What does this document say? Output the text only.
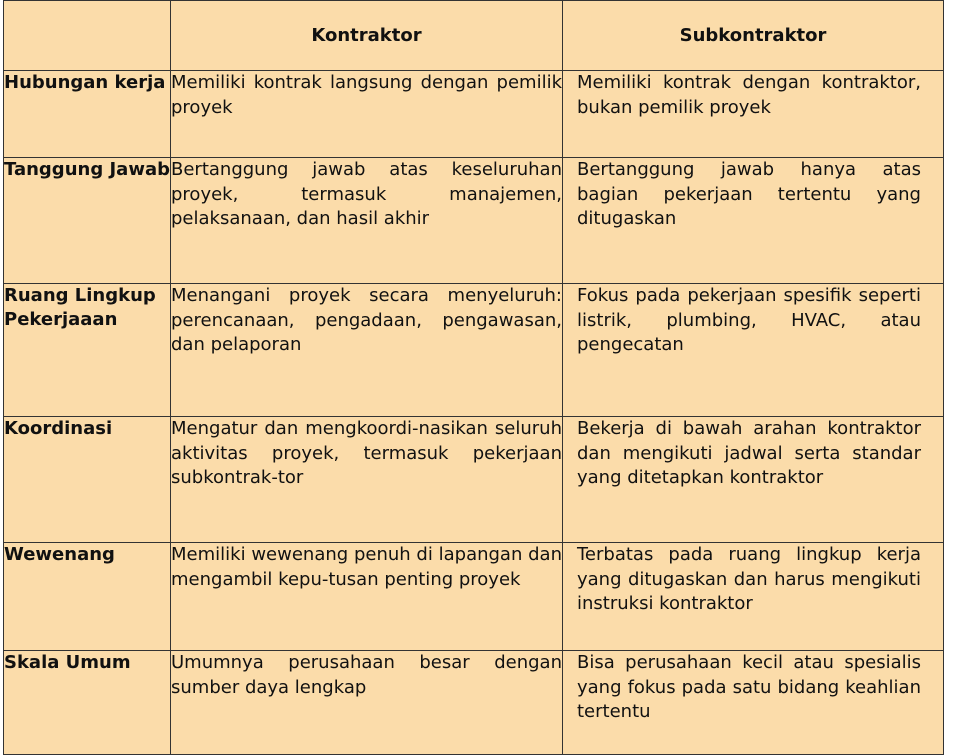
	Kontraktor	Subkontraktor

Hubungan kerja	Memiliki kontrak langsung dengan pemilik proyek	Memiliki kontrak dengan kontraktor, bukan pemilik proyek
Tanggung Jawab	Bertanggung jawab atas keseluruhan proyek, termasuk manajemen, pelaksanaan, dan hasil akhir	Bertanggung jawab hanya atas bagian pekerjaan tertentu yang ditugaskan
Ruang Lingkup Pekerjaaan	Menangani proyek secara menyeluruh: perencanaan, pengadaan, pengawasan, dan pelaporan	Fokus pada pekerjaan spesifik seperti listrik, plumbing, HVAC, atau pengecatan
Koordinasi	Mengatur dan mengkoordi-nasikan seluruh aktivitas proyek, termasuk pekerjaan subkontrak-tor	Bekerja di bawah arahan kontraktor dan mengikuti jadwal serta standar yang ditetapkan kontraktor
Wewenang	Memiliki wewenang penuh di lapangan dan mengambil kepu-tusan penting proyek	Terbatas pada ruang lingkup kerja yang ditugaskan dan harus mengikuti instruksi kontraktor
Skala Umum	Umumnya perusahaan besar dengan sumber daya lengkap	Bisa perusahaan kecil atau spesialis yang fokus pada satu bidang keahlian tertentu
